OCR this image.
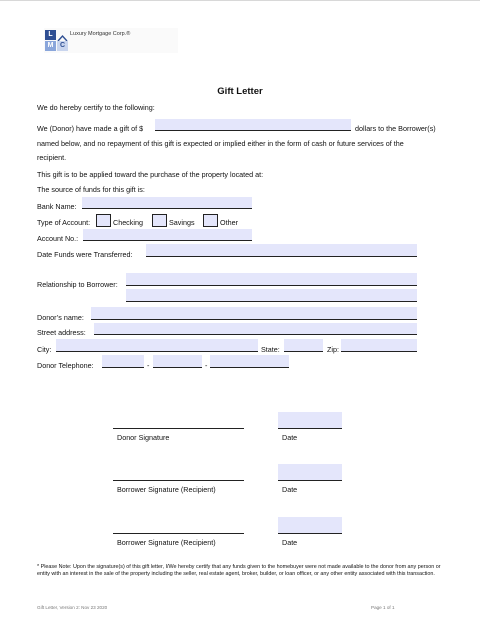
L
M C
Luxury Mortgage Corp.®
Gift Letter
We do hereby certify to the following:
We (Donor) have made a gift of $	dollars to the Borrower(s)
named below, and no repayment of this gift is expected or implied either in the form of cash or future services of the
recipient.
This gift is to be applied toward the purchase of the property located at:
The source of funds for this gift is:
Bank Name:
Type of Account:	Checking	Savings	Other
Account No.:
Date Funds were Transferred:
Relationship to Borrower:
Donor’s name:
Street address:
City:	State:	Zip:
Donor Telephone:	-	-
Donor Signature	Date
Borrower Signature (Recipient)	Date
Borrower Signature (Recipient)	Date
* Please Note: Upon the signature(s) of this gift letter, I/We hereby certify that any funds given to the homebuyer were not made available to the donor from any person or entity with an interest in the sale of the property including the seller, real estate agent, broker, builder, or loan officer, or any other entity associated with this transaction.
Gift Letter, Version 2: Nov 23 2020	Page 1 of 1
